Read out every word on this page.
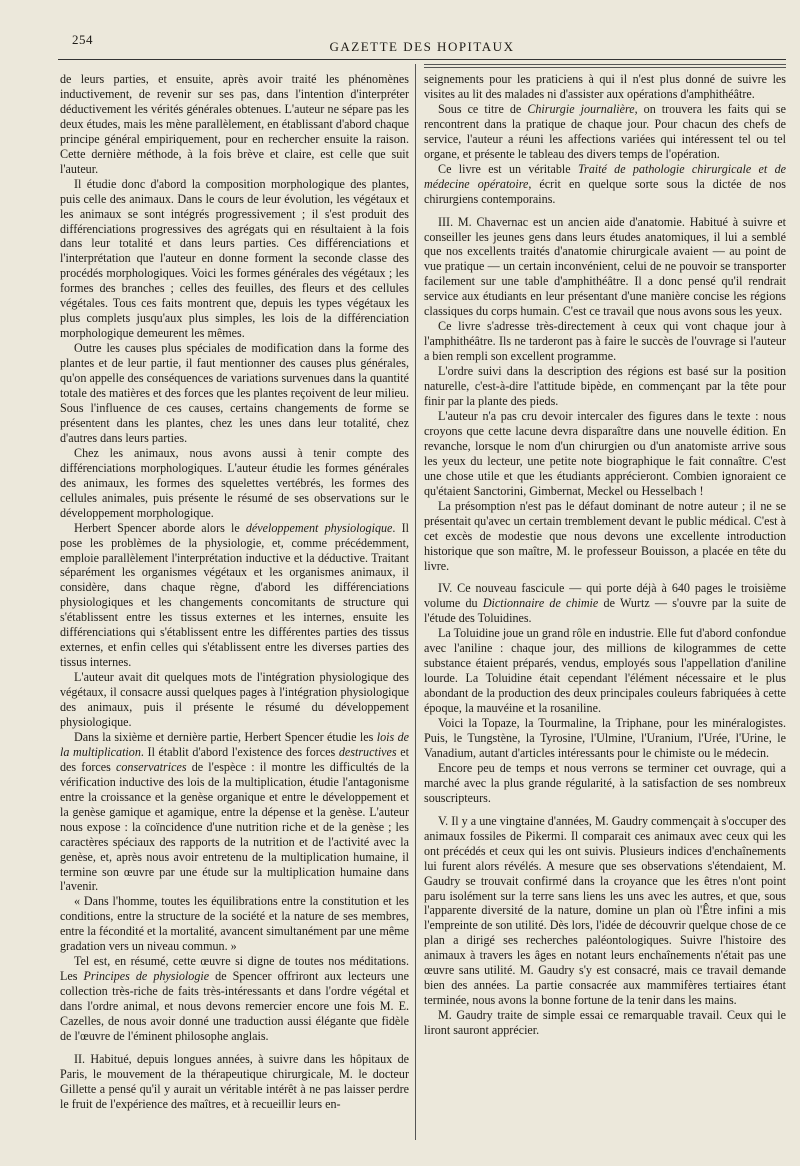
254	GAZETTE DES HOPITAUX

de leurs parties, et ensuite, après avoir traité les phénomènes inductivement, de revenir sur ses pas, dans l'intention d'interpréter déductivement les vérités générales obtenues. L'auteur ne sépare pas les deux études, mais les mène parallèlement, en établissant d'abord chaque principe général empiriquement, pour en rechercher ensuite la raison. Cette dernière méthode, à la fois brève et claire, est celle que suit l'auteur.

Il étudie donc d'abord la composition morphologique des plantes, puis celle des animaux. Dans le cours de leur évolution, les végétaux et les animaux se sont intégrés progressivement ; il s'est produit des différenciations progressives des agrégats qui en résultaient à la fois dans leur totalité et dans leurs parties. Ces différenciations et l'interprétation que l'auteur en donne forment la seconde classe des procédés morphologiques. Voici les formes générales des végétaux ; les formes des branches ; celles des feuilles, des fleurs et des cellules végétales. Tous ces faits montrent que, depuis les types végétaux les plus complets jusqu'aux plus simples, les lois de la différenciation morphologique demeurent les mêmes.

Outre les causes plus spéciales de modification dans la forme des plantes et de leur partie, il faut mentionner des causes plus générales, qu'on appelle des conséquences de variations survenues dans la quantité totale des matières et des forces que les plantes reçoivent de leur milieu. Sous l'influence de ces causes, certains changements de forme se présentent dans les plantes, chez les unes dans leur totalité, chez d'autres dans leurs parties.

Chez les animaux, nous avons aussi à tenir compte des différenciations morphologiques. L'auteur étudie les formes générales des animaux, les formes des squelettes vertébrés, les formes des cellules animales, puis présente le résumé de ses observations sur le développement morphologique.

Herbert Spencer aborde alors le développement physiologique. Il pose les problèmes de la physiologie, et, comme précédemment, emploie parallèlement l'interprétation inductive et la déductive. Traitant séparément les organismes végétaux et les organismes animaux, il considère, dans chaque règne, d'abord les différenciations physiologiques et les changements concomitants de structure qui s'établissent entre les tissus externes et les internes, ensuite les différenciations qui s'établissent entre les différentes parties des tissus externes, et enfin celles qui s'établissent entre les diverses parties des tissus internes.

L'auteur avait dit quelques mots de l'intégration physiologique des végétaux, il consacre aussi quelques pages à l'intégration physiologique des animaux, puis il présente le résumé du développement physiologique.

Dans la sixième et dernière partie, Herbert Spencer étudie les lois de la multiplication. Il établit d'abord l'existence des forces destructives et des forces conservatrices de l'espèce : il montre les difficultés de la vérification inductive des lois de la multiplication, étudie l'antagonisme entre la croissance et la genèse organique et entre le développement et la genèse gamique et agamique, entre la dépense et la genèse. L'auteur nous expose : la coïncidence d'une nutrition riche et de la genèse ; les caractères spéciaux des rapports de la nutrition et de l'activité avec la genèse, et, après nous avoir entretenu de la multiplication humaine, il termine son œuvre par une étude sur la multiplication humaine dans l'avenir.

« Dans l'homme, toutes les équilibrations entre la constitution et les conditions, entre la structure de la société et la nature de ses membres, entre la fécondité et la mortalité, avancent simultanément par une même gradation vers un niveau commun. »

Tel est, en résumé, cette œuvre si digne de toutes nos méditations. Les Principes de physiologie de Spencer offriront aux lecteurs une collection très-riche de faits très-intéressants et dans l'ordre végétal et dans l'ordre animal, et nous devons remercier encore une fois M. E. Cazelles, de nous avoir donné une traduction aussi élégante que fidèle de l'œuvre de l'éminent philosophe anglais.

II. Habitué, depuis longues années, à suivre dans les hôpitaux de Paris, le mouvement de la thérapeutique chirurgicale, M. le docteur Gillette a pensé qu'il y aurait un véritable intérêt à ne pas laisser perdre le fruit de l'expérience des maîtres, et à recueillir leurs en-

seignements pour les praticiens à qui il n'est plus donné de suivre les visites au lit des malades ni d'assister aux opérations d'amphithéâtre.

Sous ce titre de Chirurgie journalière, on trouvera les faits qui se rencontrent dans la pratique de chaque jour. Pour chacun des chefs de service, l'auteur a réuni les affections variées qui intéressent tel ou tel organe, et présente le tableau des divers temps de l'opération.

Ce livre est un véritable Traité de pathologie chirurgicale et de médecine opératoire, écrit en quelque sorte sous la dictée de nos chirurgiens contemporains.

III. M. Chavernac est un ancien aide d'anatomie. Habitué à suivre et conseiller les jeunes gens dans leurs études anatomiques, il lui a semblé que nos excellents traités d'anatomie chirurgicale avaient — au point de vue pratique — un certain inconvénient, celui de ne pouvoir se transporter facilement sur une table d'amphithéâtre. Il a donc pensé qu'il rendrait service aux étudiants en leur présentant d'une manière concise les régions classiques du corps humain. C'est ce travail que nous avons sous les yeux.

Ce livre s'adresse très-directement à ceux qui vont chaque jour à l'amphithéâtre. Ils ne tarderont pas à faire le succès de l'ouvrage si l'auteur a bien rempli son excellent programme.

L'ordre suivi dans la description des régions est basé sur la position naturelle, c'est-à-dire l'attitude bipède, en commençant par la tête pour finir par la plante des pieds.

L'auteur n'a pas cru devoir intercaler des figures dans le texte : nous croyons que cette lacune devra disparaître dans une nouvelle édition. En revanche, lorsque le nom d'un chirurgien ou d'un anatomiste arrive sous les yeux du lecteur, une petite note biographique le fait connaître. C'est une chose utile et que les étudiants apprécieront. Combien ignoraient ce qu'étaient Sanctorini, Gimbernat, Meckel ou Hesselbach !

La présomption n'est pas le défaut dominant de notre auteur ; il ne se présentait qu'avec un certain tremblement devant le public médical. C'est à cet excès de modestie que nous devons une excellente introduction historique que son maître, M. le professeur Bouisson, a placée en tête du livre.

IV. Ce nouveau fascicule — qui porte déjà à 640 pages le troisième volume du Dictionnaire de chimie de Wurtz — s'ouvre par la suite de l'étude des Toluidines.

La Toluidine joue un grand rôle en industrie. Elle fut d'abord confondue avec l'aniline : chaque jour, des millions de kilogrammes de cette substance étaient préparés, vendus, employés sous l'appellation d'aniline lourde. La Toluidine était cependant l'élément nécessaire et le plus abondant de la production des deux principales couleurs fabriquées à cette époque, la mauvéine et la rosaniline.

Voici la Topaze, la Tourmaline, la Triphane, pour les minéralogistes. Puis, le Tungstène, la Tyrosine, l'Ulmine, l'Uranium, l'Urée, l'Urine, le Vanadium, autant d'articles intéressants pour le chimiste ou le médecin.

Encore peu de temps et nous verrons se terminer cet ouvrage, qui a marché avec la plus grande régularité, à la satisfaction de ses nombreux souscripteurs.

V. Il y a une vingtaine d'années, M. Gaudry commençait à s'occuper des animaux fossiles de Pikermi. Il comparait ces animaux avec ceux qui les ont précédés et ceux qui les ont suivis. Plusieurs indices d'enchaînements lui furent alors révélés. A mesure que ses observations s'étendaient, M. Gaudry se trouvait confirmé dans la croyance que les êtres n'ont point paru isolément sur la terre sans liens les uns avec les autres, et que, sous l'apparente diversité de la nature, domine un plan où l'Être infini a mis l'empreinte de son utilité. Dès lors, l'idée de découvrir quelque chose de ce plan a dirigé ses recherches paléontologiques. Suivre l'histoire des animaux à travers les âges en notant leurs enchaînements n'était pas une œuvre sans utilité. M. Gaudry s'y est consacré, mais ce travail demande bien des années. La partie consacrée aux mammifères tertiaires étant terminée, nous avons la bonne fortune de la tenir dans les mains.

M. Gaudry traite de simple essai ce remarquable travail. Ceux qui le liront sauront apprécier.
